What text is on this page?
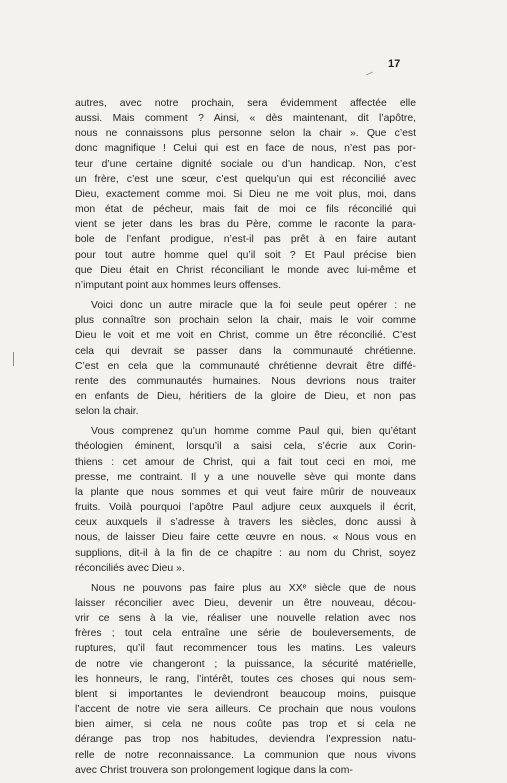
17

autres, avec notre prochain, sera évidemment affectée elle
aussi. Mais comment ? Ainsi, « dès maintenant, dit l’apôtre,
nous ne connaissons plus personne selon la chair ». Que c’est
donc magnifique ! Celui qui est en face de nous, n’est pas por-
teur d’une certaine dignité sociale ou d’un handicap. Non, c’est
un frère, c’est une sœur, c’est quelqu’un qui est réconcilié avec
Dieu, exactement comme moi. Si Dieu ne me voit plus, moi, dans
mon état de pécheur, mais fait de moi ce fils réconcilié qui
vient se jeter dans les bras du Père, comme le raconte la para-
bole de l’enfant prodigue, n’est-il pas prêt à en faire autant
pour tout autre homme quel qu’il soit ? Et Paul précise bien
que Dieu était en Christ réconciliant le monde avec lui-même et
n’imputant point aux hommes leurs offenses.

Voici donc un autre miracle que la foi seule peut opérer : ne
plus connaître son prochain selon la chair, mais le voir comme
Dieu le voit et me voit en Christ, comme un être réconcilié. C’est
cela qui devrait se passer dans la communauté chrétienne.
C’est en cela que la communauté chrétienne devrait être diffé-
rente des communautés humaines. Nous devrions nous traiter
en enfants de Dieu, héritiers de la gloire de Dieu, et non pas
selon la chair.

Vous comprenez qu’un homme comme Paul qui, bien qu’étant
théologien éminent, lorsqu’il a saisi cela, s’écrie aux Corin-
thiens : cet amour de Christ, qui a fait tout ceci en moi, me
presse, me contraint. Il y a une nouvelle sève qui monte dans
la plante que nous sommes et qui veut faire mûrir de nouveaux
fruits. Voilà pourquoi l’apôtre Paul adjure ceux auxquels il écrit,
ceux auxquels il s’adresse à travers les siècles, donc aussi à
nous, de laisser Dieu faire cette œuvre en nous. « Nous vous en
supplions, dit-il à la fin de ce chapitre : au nom du Christ, soyez
réconciliés avec Dieu ».

Nous ne pouvons pas faire plus au XXᵉ siècle que de nous
laisser réconcilier avec Dieu, devenir un être nouveau, décou-
vrir ce sens à la vie, réaliser une nouvelle relation avec nos
frères ; tout cela entraîne une série de bouleversements, de
ruptures, qu’il faut recommencer tous les matins. Les valeurs
de notre vie changeront ; la puissance, la sécurité matérielle,
les honneurs, le rang, l’intérêt, toutes ces choses qui nous sem-
blent si importantes le deviendront beaucoup moins, puisque
l’accent de notre vie sera ailleurs. Ce prochain que nous voulons
bien aimer, si cela ne nous coûte pas trop et si cela ne
dérange pas trop nos habitudes, deviendra l’expression natu-
relle de notre reconnaissance. La communion que nous vivons
avec Christ trouvera son prolongement logique dans la com-
